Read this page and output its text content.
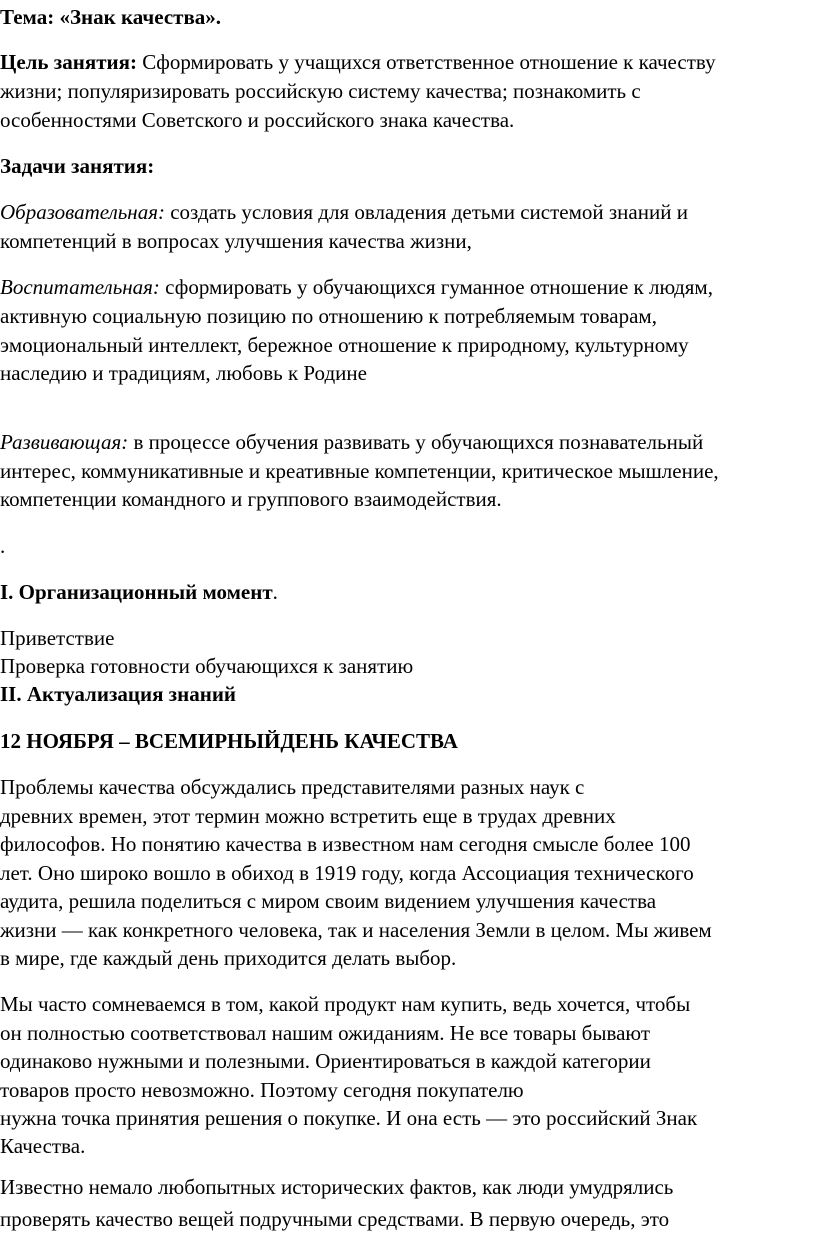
Тема: «Знак качества».
Цель занятия: Сформировать у учащихся ответственное отношение к качеству
жизни; популяризировать российскую систему качества; познакомить с
особенностями Советского и российского знака качества.
Задачи занятия:
Образовательная: создать условия для овладения детьми системой знаний и
компетенций в вопросах улучшения качества жизни,
Воспитательная: сформировать у обучающихся гуманное отношение к людям,
активную социальную позицию по отношению к потребляемым товарам,
эмоциональный интеллект, бережное отношение к природному, культурному
наследию и традициям, любовь к Родине
Развивающая: в процессе обучения развивать у обучающихся познавательный
интерес, коммуникативные и креативные компетенции, критическое мышление,
компетенции командного и группового взаимодействия.
.
I. Организационный момент.
Приветствие
Проверка готовности обучающихся к занятию
II. Актуализация знаний
12 НОЯБРЯ – ВСЕМИРНЫЙДЕНЬ КАЧЕСТВА
Проблемы качества обсуждались представителями разных наук с
древних времен, этот термин можно встретить еще в трудах древних
философов. Но понятию качества в известном нам сегодня смысле более 100
лет. Оно широко вошло в обиход в 1919 году, когда Ассоциация технического
аудита, решила поделиться с миром своим видением улучшения качества
жизни — как конкретного человека, так и населения Земли в целом. Мы живем
в мире, где каждый день приходится делать выбор.
Мы часто сомневаемся в том, какой продукт нам купить, ведь хочется, чтобы
он полностью соответствовал нашим ожиданиям. Не все товары бывают
одинаково нужными и полезными. Ориентироваться в каждой категории
товаров просто невозможно. Поэтому сегодня покупателю
нужна точка принятия решения о покупке. И она есть — это российский Знак
Качества.
Известно немало любопытных исторических фактов, как люди умудрялись
проверять качество вещей подручными средствами. В первую очередь, это
